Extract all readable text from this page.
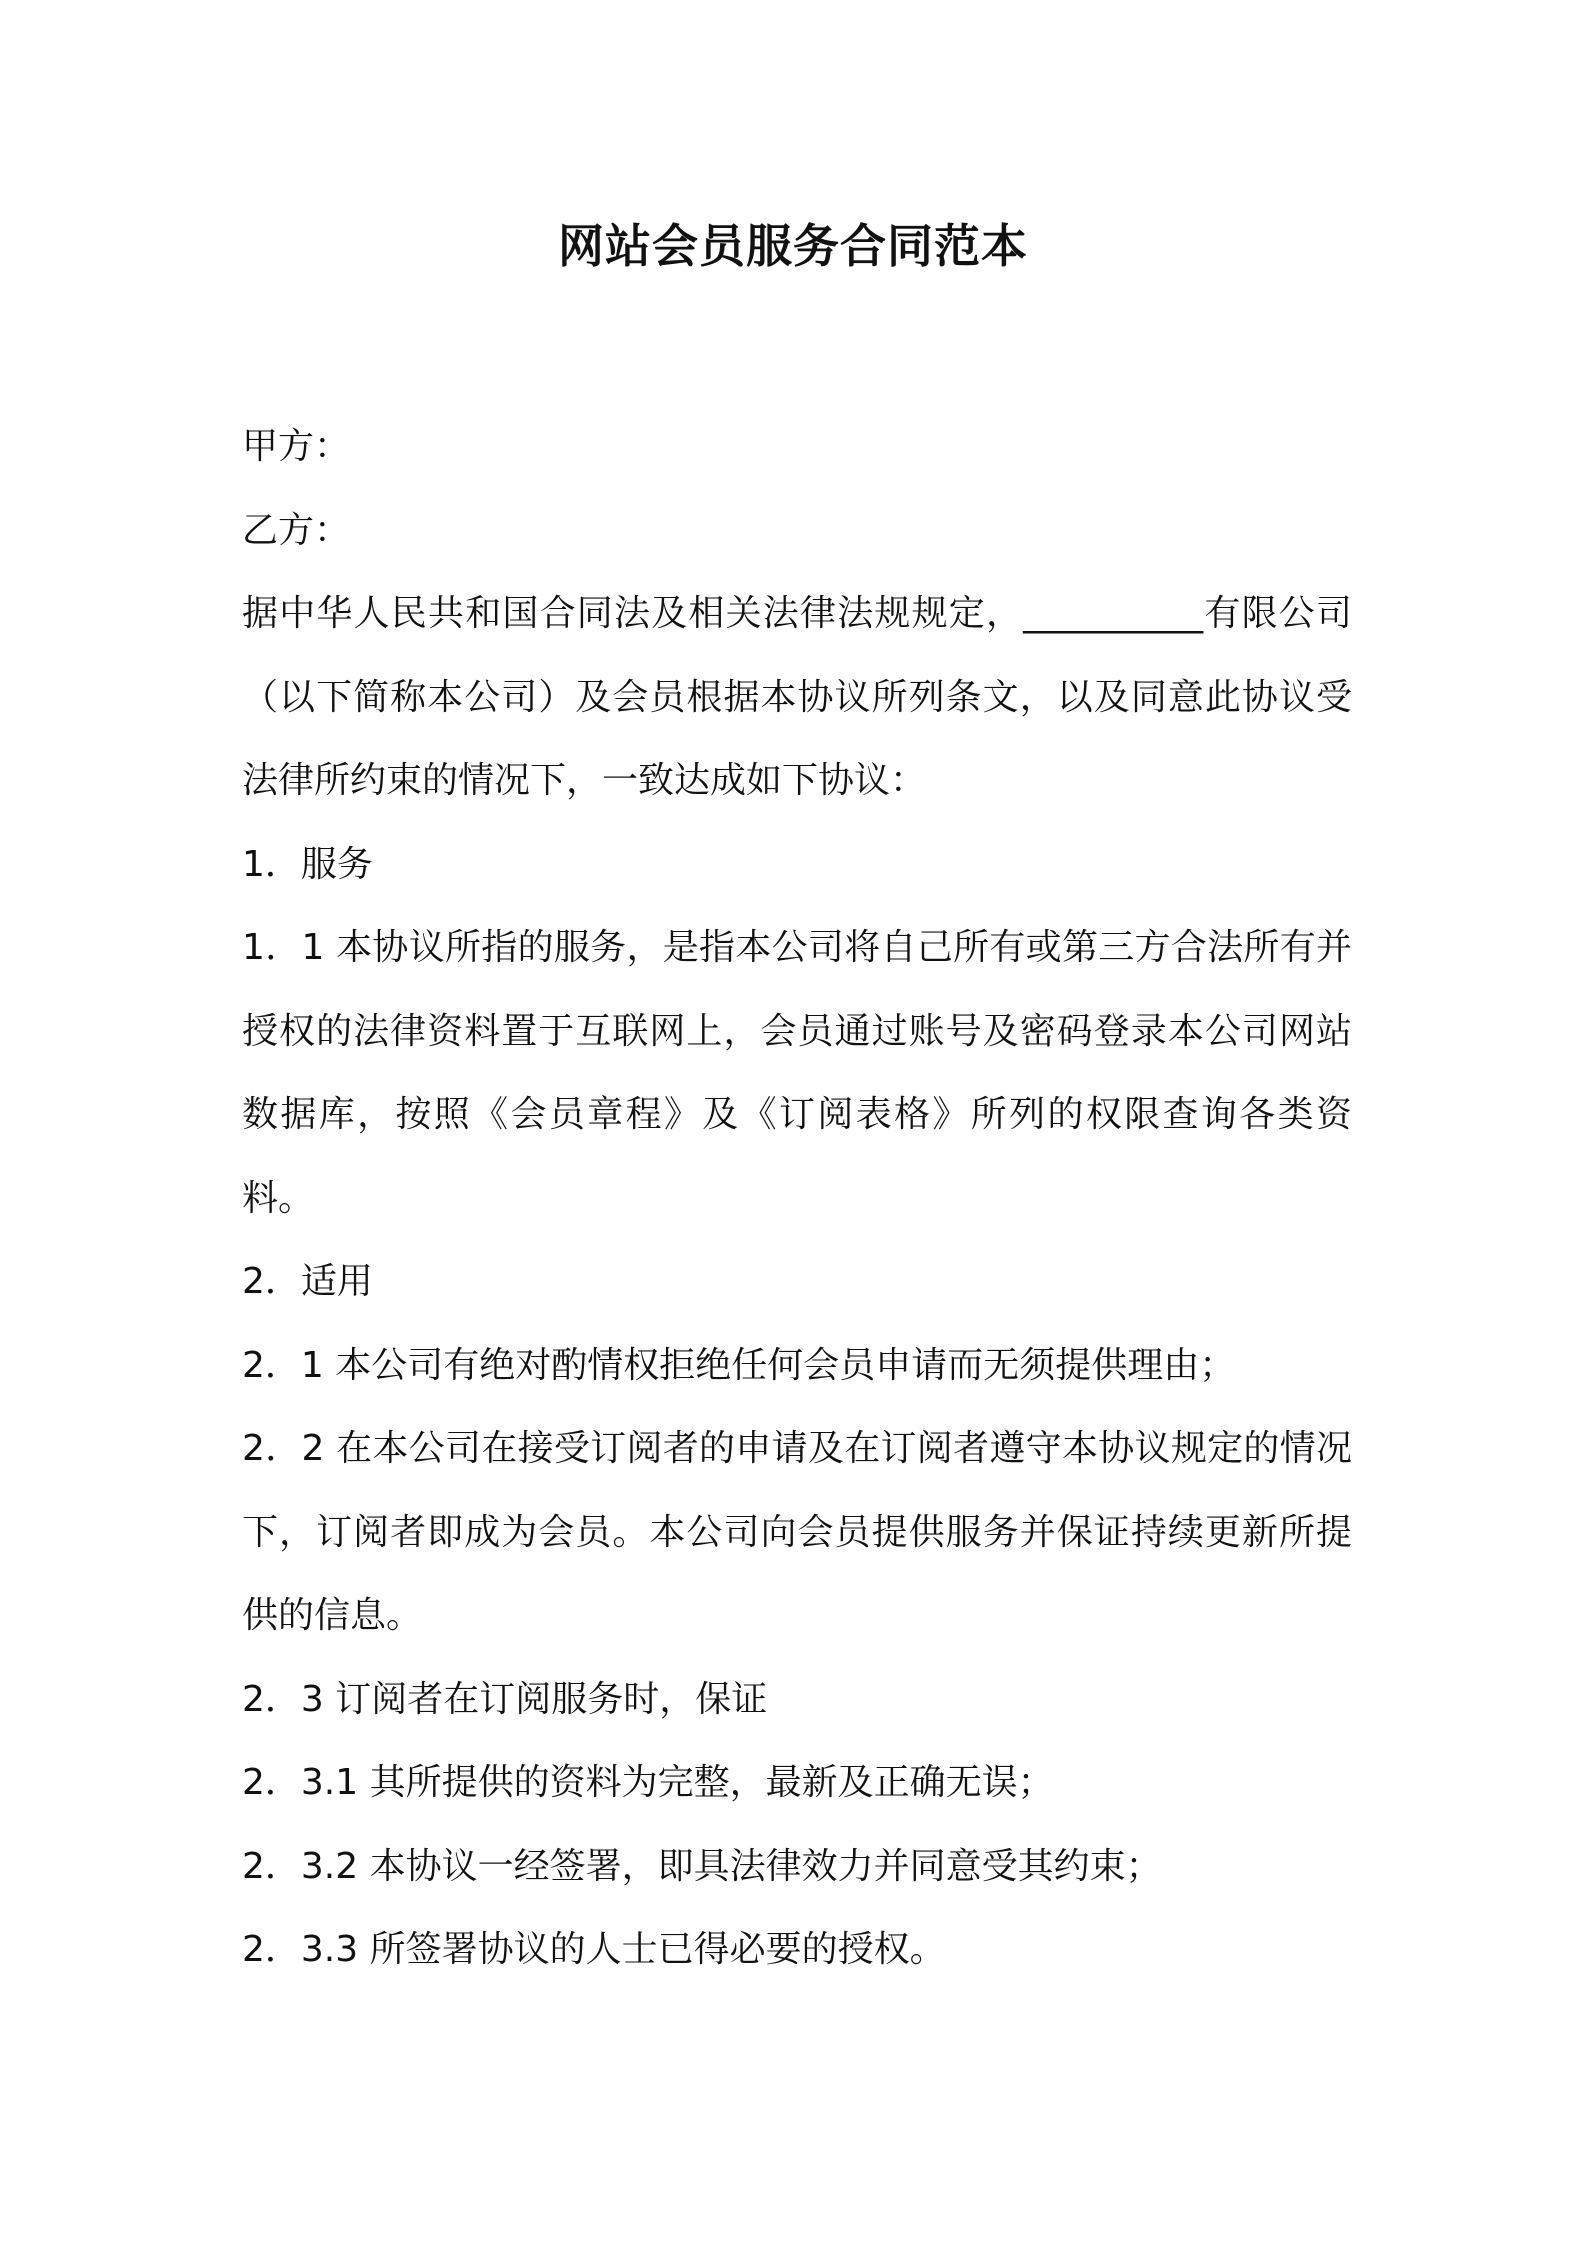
网站会员服务合同范本

甲方：

乙方：

据中华人民共和国合同法及相关法律法规规定，__________有限公司（以下简称本公司）及会员根据本协议所列条文，以及同意此协议受法律所约束的情况下，一致达成如下协议：

1．服务

1．1 本协议所指的服务，是指本公司将自己所有或第三方合法所有并授权的法律资料置于互联网上，会员通过账号及密码登录本公司网站数据库，按照《会员章程》及《订阅表格》所列的权限查询各类资料。

2．适用

2．1 本公司有绝对酌情权拒绝任何会员申请而无须提供理由；

2．2 在本公司在接受订阅者的申请及在订阅者遵守本协议规定的情况下，订阅者即成为会员。本公司向会员提供服务并保证持续更新所提供的信息。

2．3 订阅者在订阅服务时，保证

2．3.1 其所提供的资料为完整，最新及正确无误；

2．3.2 本协议一经签署，即具法律效力并同意受其约束；

2．3.3 所签署协议的人士已得必要的授权。
